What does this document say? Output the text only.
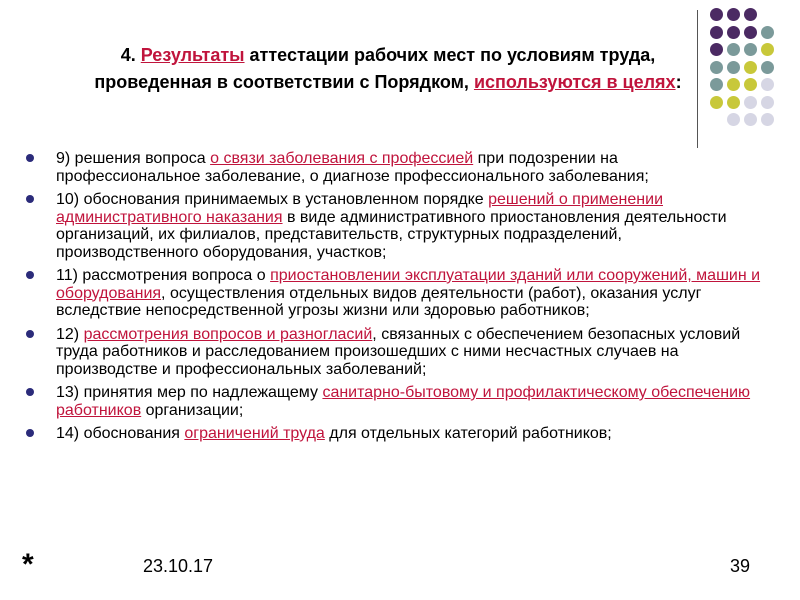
4. Результаты аттестации рабочих мест по условиям труда, проведенная в соответствии с Порядком, используются в целях:
9) решения вопроса о связи заболевания с профессией при подозрении на профессиональное заболевание, о диагнозе профессионального заболевания;
10) обоснования принимаемых в установленном порядке решений о применении административного наказания в виде административного приостановления деятельности организаций, их филиалов, представительств, структурных подразделений, производственного оборудования, участков;
11) рассмотрения вопроса о приостановлении эксплуатации зданий или сооружений, машин и оборудования, осуществления отдельных видов деятельности (работ), оказания услуг вследствие непосредственной угрозы жизни или здоровью работников;
12) рассмотрения вопросов и разногласий, связанных с обеспечением безопасных условий труда работников и расследованием произошедших с ними несчастных случаев на производстве и профессиональных заболеваний;
13) принятия мер по надлежащему санитарно-бытовому и профилактическому обеспечению работников организации;
14) обоснования ограничений труда для отдельных категорий работников;
*	23.10.17	39
